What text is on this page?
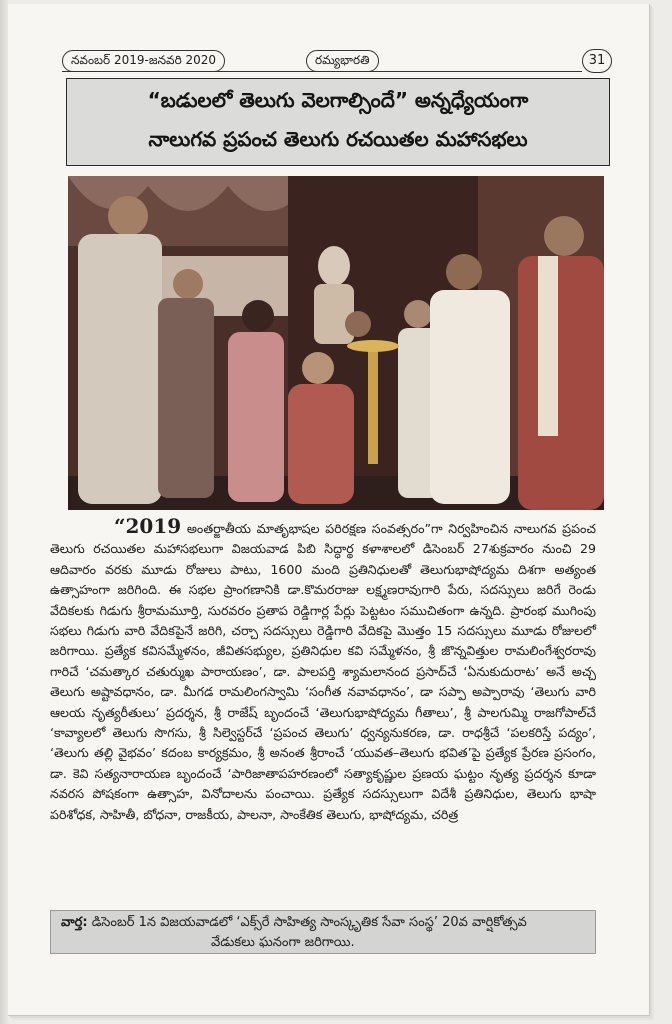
నవంబర్ 2019-జనవరి 2020	రమ్యభారతి	31
“బడులలో తెలుగు వెలగాల్సిందే” అన్నధ్యేయంగా
నాలుగవ ప్రపంచ తెలుగు రచయితల మహాసభలు

“2019 అంతర్జాతీయ మాతృభాషల పరిరక్షణ సంవత్సరం”గా నిర్వహించిన నాలుగవ ప్రపంచ తెలుగు రచయితల మహాసభలుగా విజయవాడ పిబి సిద్ధార్థ కళాశాలలో డిసెంబర్ 27శుక్రవారం నుంచి 29 ఆదివారం వరకు మూడు రోజులు పాటు, 1600 మంది ప్రతినిధులతో తెలుగుభాషోద్యమ దిశగా అత్యంత ఉత్సాహంగా జరిగింది. ఈ సభల ప్రాంగణానికి డా.కొమరరాజు లక్ష్మణరావుగారి పేరు, సదస్సులు జరిగే రెండు వేదికలకు గిడుగు శ్రీరామమూర్తి, సురవరం ప్రతాప రెడ్డిగార్ల పేర్లు పెట్టటం సముచితంగా ఉన్నది. ప్రారంభ ముగింపు సభలు గిడుగు వారి వేదికపైనే జరిగి, చర్చా సదస్సులు రెడ్డిగారి వేదికపై మొత్తం 15 సదస్సులు మూడు రోజులలో జరిగాయి. ప్రత్యేక కవిసమ్మేళనం, జీవితసభ్యుల, ప్రతినిధుల కవి సమ్మేళనం, శ్రీ జొన్నవిత్తుల రామలింగేశ్వరరావు గారిచే ‘చమత్కార చతుర్ముఖ పారాయణం’, డా. పాలపర్తి శ్యామలానంద ప్రసాద్‌చే ‘ఏనుకుదురాట’ అనే అచ్చ తెలుగు అష్టావధానం, డా. మీగడ రామలింగస్వామి ‘సంగీత నవావధానం’, డా సప్పా అప్పారావు ‘తెలుగు వారి ఆలయ నృత్యరీతులు’ ప్రదర్శన, శ్రీ రాజేష్ బృందంచే ‘తెలుగుభాషోద్యమ గీతాలు’, శ్రీ పాలగుమ్మి రాజగోపాల్‌చే ‘కావ్యాలలో తెలుగు సొగసు, శ్రీ సిల్వెస్టర్‌చే ‘ప్రపంచ తెలుగు’ ధ్వన్యనుకరణ, డా. రాధశ్రీచే ‘పలకరిస్తే పద్యం’, ‘తెలుగు తల్లి వైభవం’ కదంబ కార్యక్రమం, శ్రీ అనంత శ్రీరాంచే ‘యువత–తెలుగు భవిత’పై ప్రత్యేక ప్రేరణ ప్రసంగం, డా. కెవి సత్యనారాయణ బృందంచే ‘పారిజాతాపహరణంలో సత్యాకృష్ణుల ప్రణయ ఘట్టం నృత్య ప్రదర్శన కూడా నవరస పోషకంగా ఉత్సాహ, వినోదాలను పంచాయి. ప్రత్యేక సదస్సులుగా విదేశీ ప్రతినిధుల, తెలుగు భాషా పరిశోధక, సాహితీ, బోధనా, రాజకీయ, పాలనా, సాంకేతిక తెలుగు, భాషోద్యమ, చరిత్ర

వార్త: డిసెంబర్ 1న విజయవాడలో ‘ఎక్స్‌రే సాహిత్య సాంస్కృతిక సేవా సంస్థ’ 20వ వార్షికోత్సవ
వేడుకలు ఘనంగా జరిగాయి.
